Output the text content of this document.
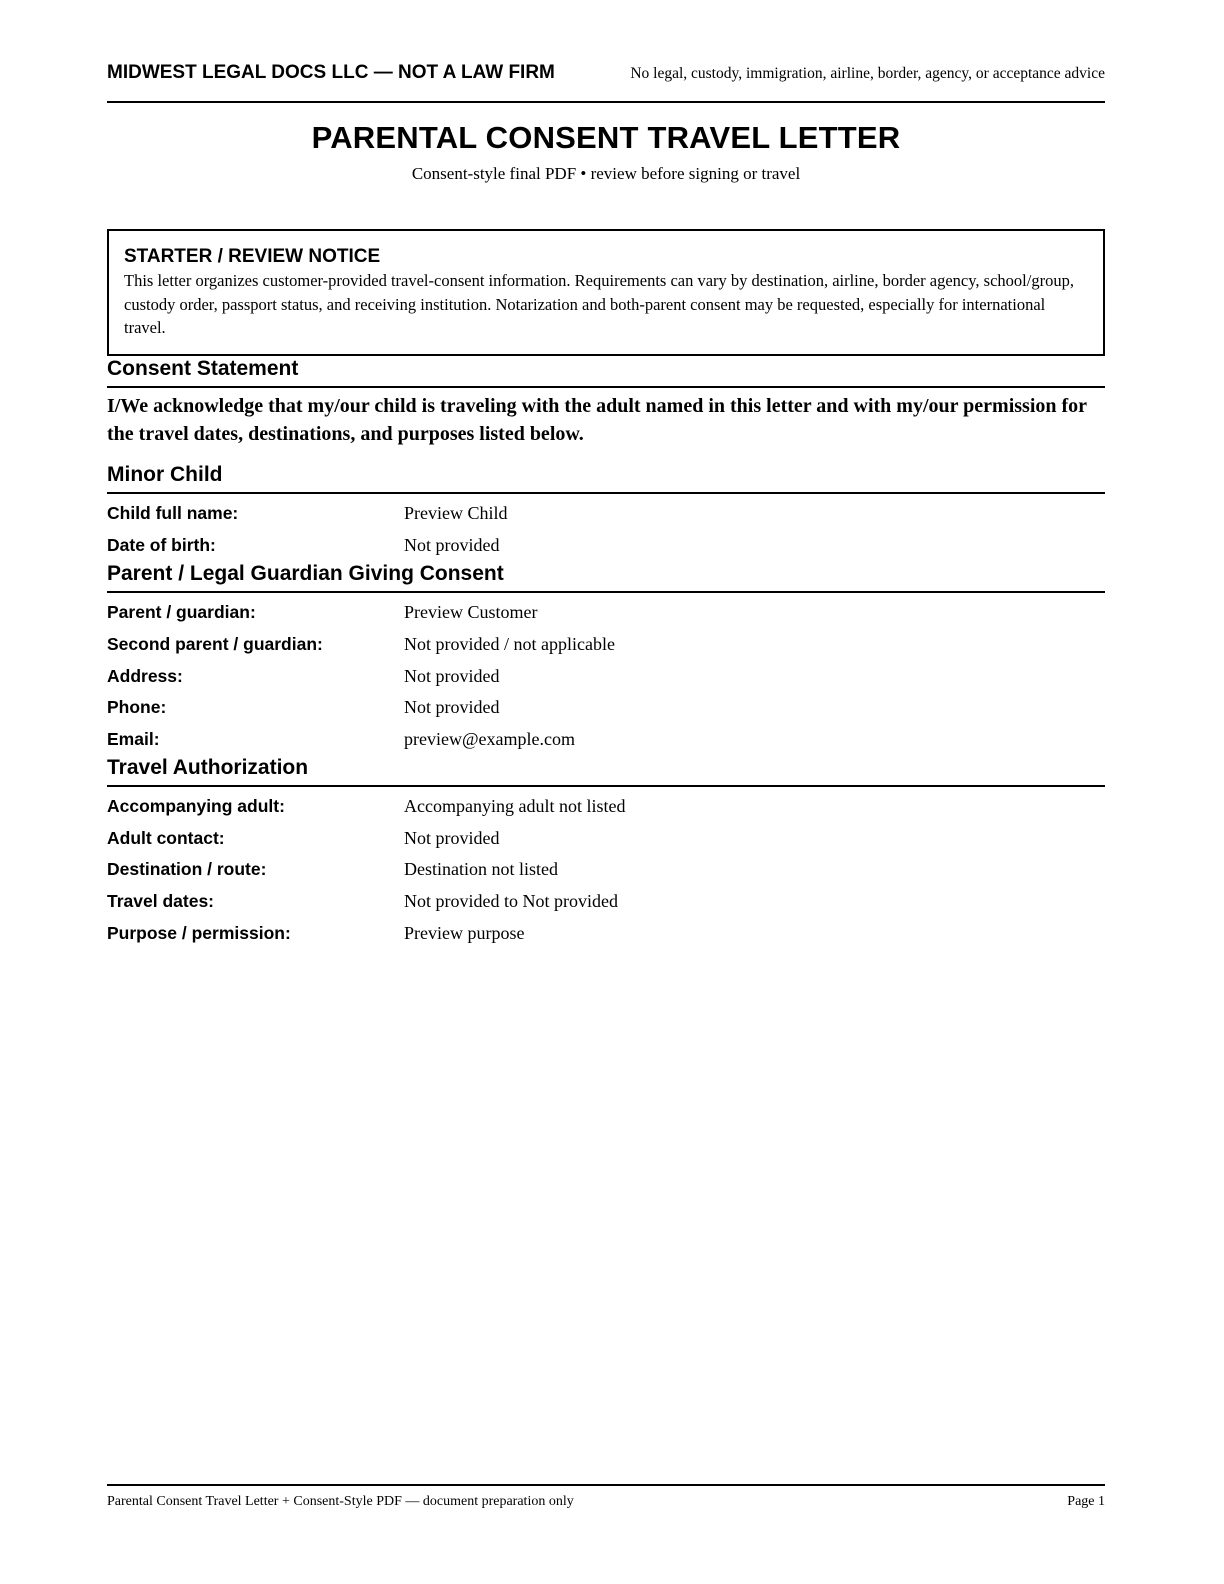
MIDWEST LEGAL DOCS LLC — NOT A LAW FIRM	No legal, custody, immigration, airline, border, agency, or acceptance advice
PARENTAL CONSENT TRAVEL LETTER
Consent-style final PDF • review before signing or travel
STARTER / REVIEW NOTICE
This letter organizes customer-provided travel-consent information. Requirements can vary by destination, airline, border agency, school/group, custody order, passport status, and receiving institution. Notarization and both-parent consent may be requested, especially for international travel.
Consent Statement
I/We acknowledge that my/our child is traveling with the adult named in this letter and with my/our permission for the travel dates, destinations, and purposes listed below.
Minor Child
Child full name:	Preview Child
Date of birth:	Not provided
Parent / Legal Guardian Giving Consent
Parent / guardian:	Preview Customer
Second parent / guardian:	Not provided / not applicable
Address:	Not provided
Phone:	Not provided
Email:	preview@example.com
Travel Authorization
Accompanying adult:	Accompanying adult not listed
Adult contact:	Not provided
Destination / route:	Destination not listed
Travel dates:	Not provided to Not provided
Purpose / permission:	Preview purpose
Parental Consent Travel Letter + Consent-Style PDF — document preparation only	Page 1
